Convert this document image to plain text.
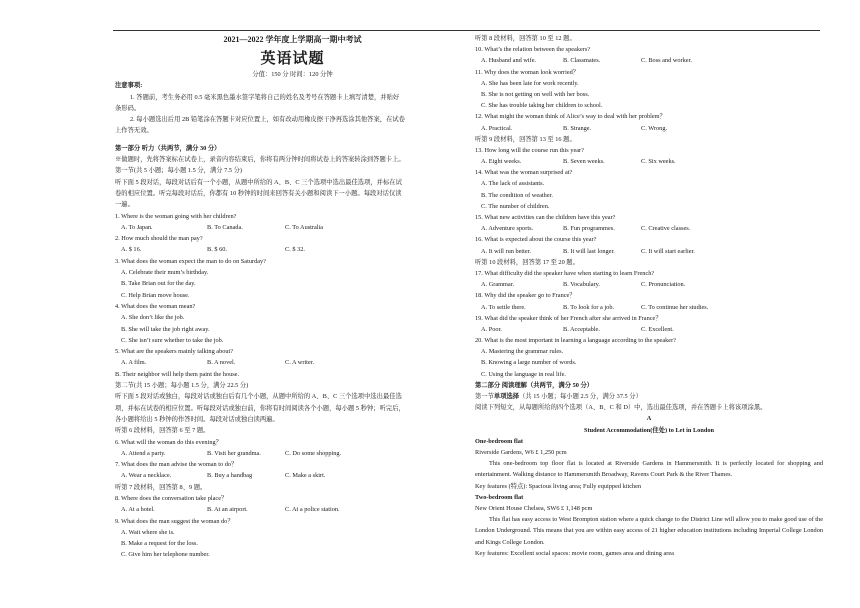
2021—2022 学年度上学期高一期中考试
英语试题
分值：150 分 时间：120 分钟
注意事项:
1. 答题前，考生务必用 0.5 毫米黑色墨水签字笔将自己的姓名及考号在答题卡上填写清楚，并贴好
条形码。
2. 每小题选出后用 2B 铅笔涂在答题卡对应位置上，如有改动用橡皮擦干净再选涂其他答案，在试卷
上作答无效。
第一部分 听力（共两节，满分 30 分）
※做题时，先将答案标在试卷上，录音内容结束后，你将有两分钟时间将试卷上的答案转涂到答题卡上。
第一节(共 5 小题；每小题 1.5 分，满分 7.5 分)
听下面 5 段对话，每段对话后有一个小题，从题中所给的 A、B、C 三个选项中选出最佳选项，并标在试
卷的相应位置。听完每段对话后，你都有 10 秒钟的时间来回答有关小题和阅读下一小题。每段对话仅读
一遍。
1. Where is the woman going with her children?
A. To Japan.	B. To Canada.	C. To Australia
2. How much should the man pay?
A. $ 16.	B. $ 60.	C. $ 32.
3. What does the woman expect the man to do on Saturday?
A. Celebrate their mum’s birthday.
B. Take Brian out for the day.
C. Help Brian move house.
4. What does the woman mean?
A. She don’t like the job.
B. She will take the job right away.
C. She isn’t sure whether to take the job.
5. What are the speakers mainly talking about?
A. A film.	B. A novel.	C. A writer.
B. Their neighbor will help them paint the house.
第二节(共 15 小题；每小题 1.5 分，满分 22.5 分)
听下面 5 段对话或独白，每段对话或独白后有几个小题，从题中所给的 A、B、C 三个选项中选出最佳选
项，并标在试卷的相应位置。听每段对话或独白前，你将有时间阅读各个小题，每小题 5 秒钟；听完后，
各小题将给出 5 秒钟的作答时间。每段对话或独白读两遍。
听第 6 段材料，回答第 6 至 7 题。
6. What will the woman do this evening？
A. Attend a party.	B. Visit her grandma.	C. Do some shopping.
7. What does the man advise the woman to do？
A. Wear a necklace.	B. Buy a handbag	C. Make a skirt.
听第 7 段材料，回答第 8、9 题。
8. Where does the conversation take place？
A. At a hotel.	B. At an airport.	C. At a police station.
9. What does the man suggest the woman do？
A. Wait where she is.
B. Make a request for the loss.
C. Give him her telephone number.
听第 8 段材料，回答第 10 至 12 题。
10. What’s the relation between the speakers?
A. Husband and wife.	B. Classmates.	C. Boss and worker.
11. Why does the woman look worried？
A. She has been late for work recently.
B. She is not getting on well with her boss.
C. She has trouble taking her children to school.
12. What might the woman think of Alice’s way to deal with her problem？
A. Practical.	B. Strange.	C. Wrong.
听第 9 段材料，回答第 13 至 16 题。
13. How long will the course run this year?
A. Eight weeks.	B. Seven weeks.	C. Six weeks.
14. What was the woman surprised at?
A. The lack of assistants.
B. The condition of weather.
C. The number of children.
15. What new activities can the children have this year?
A. Adventure sports.	B. Fun programmes.	C. Creative classes.
16. What is expected about the course this year?
A. It will run better.	B. It will last longer.	C. It will start earlier.
听第 10 段材料，回答第 17 至 20 题。
17. What difficulty did the speaker have when starting to learn French?
A. Grammar.	B. Vocabulary.	C. Pronunciation.
18. Why did the speaker go to France？
A. To settle there.	B. To look for a job.	C. To continue her studies.
19. What did the speaker think of her French after she arrived in France？
A. Poor.	B. Acceptable.	C. Excellent.
20. What is the most important in learning a language according to the speaker?
A. Mastering the grammar rules.
B. Knowing a large number of words.
C. Using the language in real life.
第二部分 阅读理解（共两节，满分 50 分）
第一节单项选择（共 15 小题；每小题 2.5 分，满分 37.5 分）
阅读下列短文，从每题所给的四个选项（A、B、C 和 D）中，选出最佳选项，并在答题卡上将该项涂黑。
A
Student Accommodation(住处) to Let in London
One-bedroom flat
Riverside Gardens, W6 £ 1,250 pcm
This one-bedroom top floor flat is located at Riverside Gardens in Hammersmith. It is perfectly located for shopping and entertainment. Walking distance to Hammersmith Broadway, Ravens Court Park & the River Thames.
Key features (特点): Spacious living area; Fully equipped kitchen
Two-bedroom flat
New Orient House Chelsea, SW6 £ 1,148 pcm
This flat has easy access to West Brompton station where a quick change to the District Line will allow you to make good use of the London Underground. This means that you are within easy access of 21 higher education institutions including Imperial College London and Kings College London.
Key features: Excellent social spaces: movie room, games area and dining area
